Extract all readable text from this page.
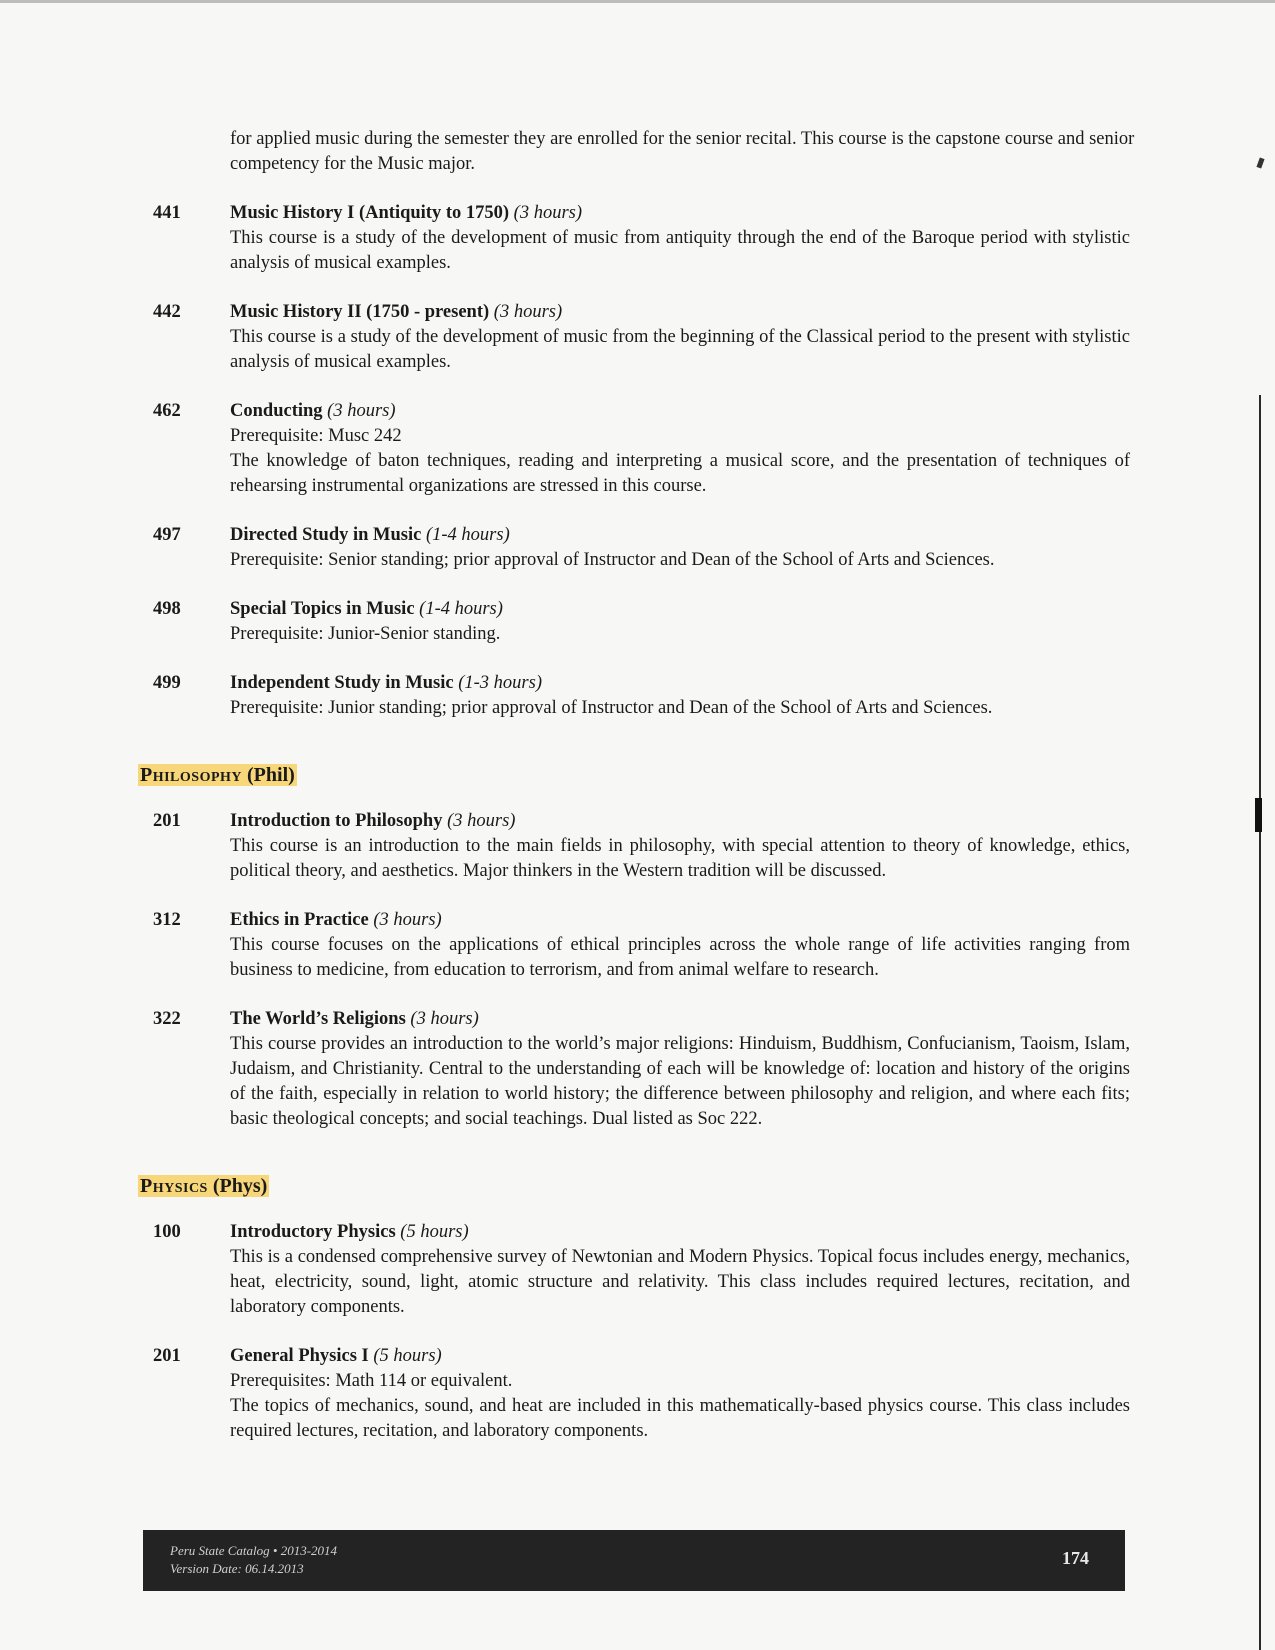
for applied music during the semester they are enrolled for the senior recital. This course is the capstone course and senior competency for the Music major.
441	Music History I (Antiquity to 1750) (3 hours)
This course is a study of the development of music from antiquity through the end of the Baroque period with stylistic analysis of musical examples.
442	Music History II (1750 - present) (3 hours)
This course is a study of the development of music from the beginning of the Classical period to the present with stylistic analysis of musical examples.
462	Conducting (3 hours)
Prerequisite: Musc 242
The knowledge of baton techniques, reading and interpreting a musical score, and the presentation of techniques of rehearsing instrumental organizations are stressed in this course.
497	Directed Study in Music (1-4 hours)
Prerequisite: Senior standing; prior approval of Instructor and Dean of the School of Arts and Sciences.
498	Special Topics in Music (1-4 hours)
Prerequisite: Junior-Senior standing.
499	Independent Study in Music (1-3 hours)
Prerequisite: Junior standing; prior approval of Instructor and Dean of the School of Arts and Sciences.
Philosophy (Phil)
201	Introduction to Philosophy (3 hours)
This course is an introduction to the main fields in philosophy, with special attention to theory of knowledge, ethics, political theory, and aesthetics. Major thinkers in the Western tradition will be discussed.
312	Ethics in Practice (3 hours)
This course focuses on the applications of ethical principles across the whole range of life activities ranging from business to medicine, from education to terrorism, and from animal welfare to research.
322	The World’s Religions (3 hours)
This course provides an introduction to the world’s major religions: Hinduism, Buddhism, Confucianism, Taoism, Islam, Judaism, and Christianity. Central to the understanding of each will be knowledge of: location and history of the origins of the faith, especially in relation to world history; the difference between philosophy and religion, and where each fits; basic theological concepts; and social teachings. Dual listed as Soc 222.
Physics (Phys)
100	Introductory Physics (5 hours)
This is a condensed comprehensive survey of Newtonian and Modern Physics. Topical focus includes energy, mechanics, heat, electricity, sound, light, atomic structure and relativity. This class includes required lectures, recitation, and laboratory components.
201	General Physics I (5 hours)
Prerequisites: Math 114 or equivalent.
The topics of mechanics, sound, and heat are included in this mathematically-based physics course. This class includes required lectures, recitation, and laboratory components.
Peru State Catalog • 2013-2014
Version Date: 06.14.2013
174
